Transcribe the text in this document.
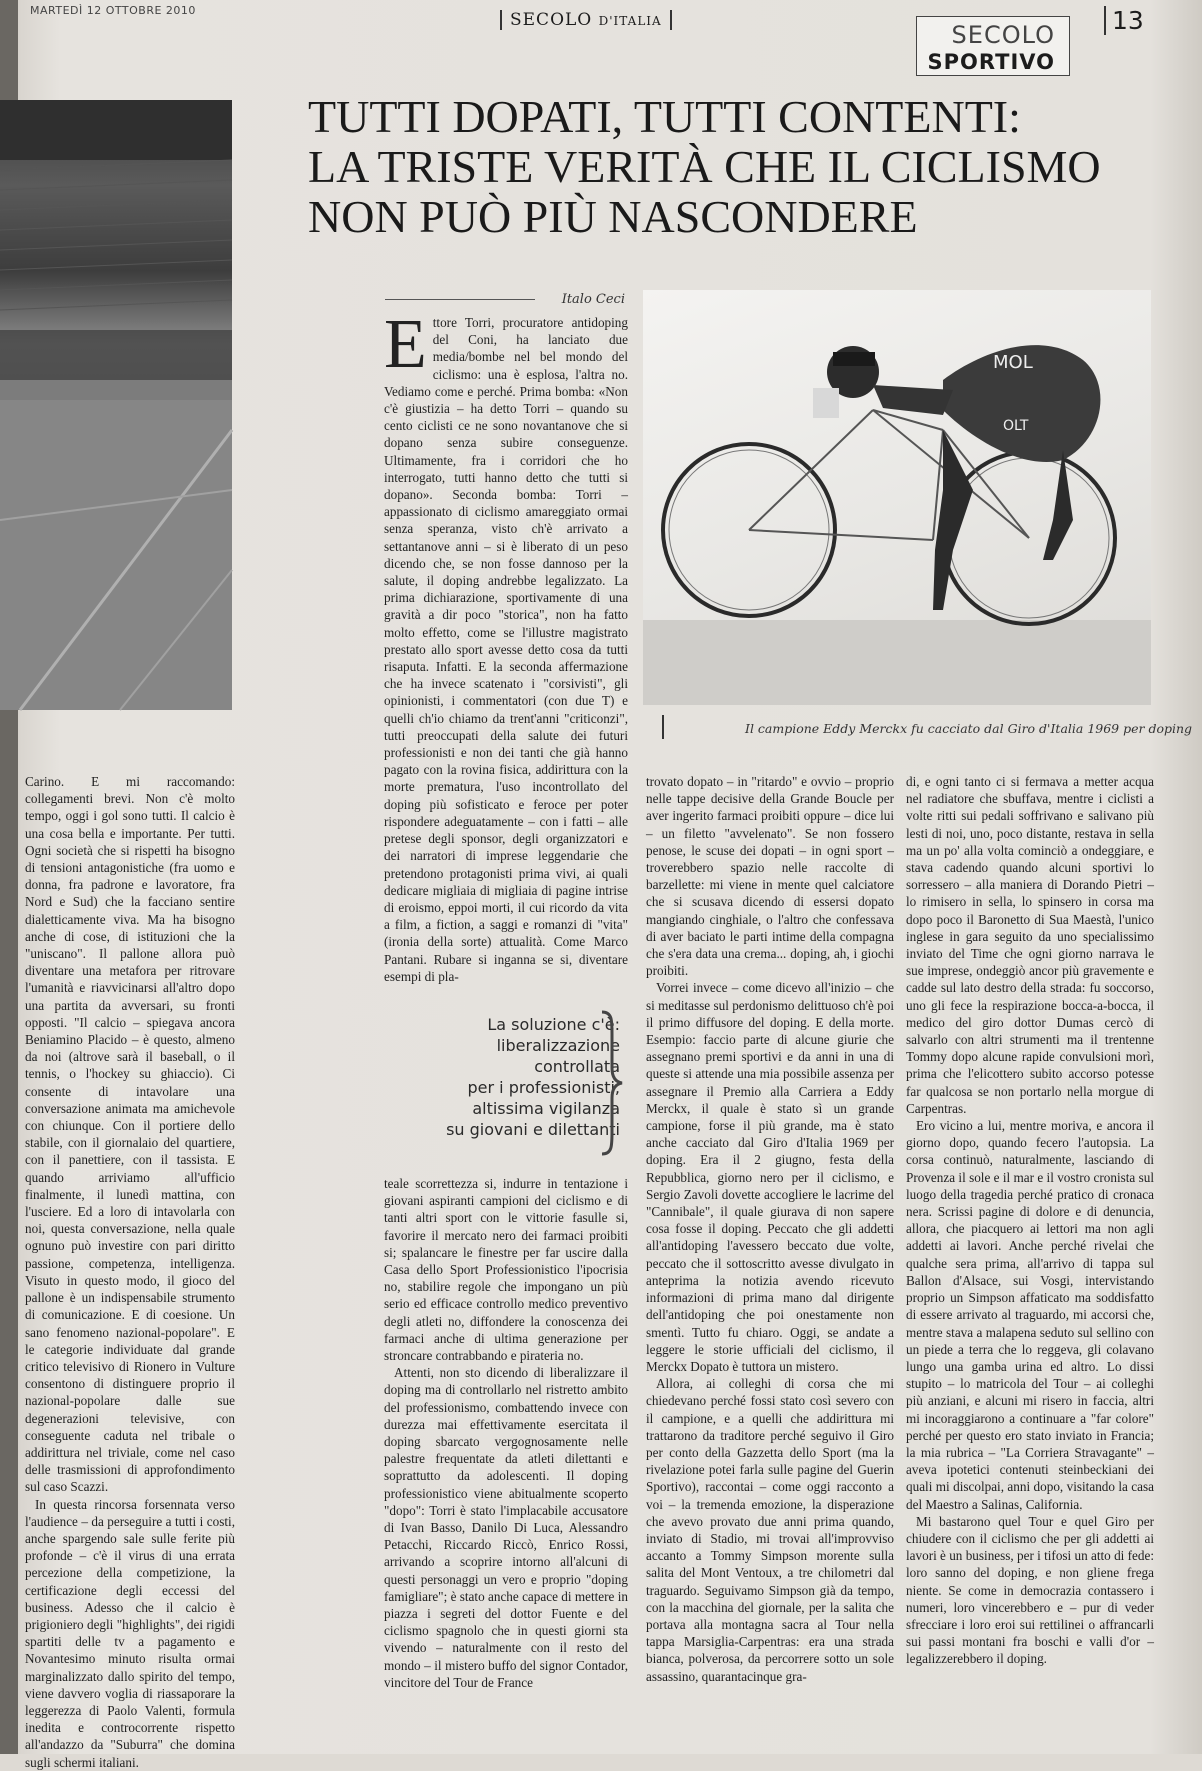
MARTEDÌ 12 OTTOBRE 2010	SECOLO D'ITALIA	SECOLO
SPORTIVO
13
TUTTI DOPATI, TUTTI CONTENTI:
LA TRISTE VERITÀ CHE IL CICLISMO
NON PUÒ PIÙ NASCONDERE
Italo Ceci
MOL
OLT
Il campione Eddy Merckx fu cacciato dal Giro d'Italia 1969 per doping

Carino. E mi raccomando: collegamenti brevi. Non c'è molto tempo, oggi i gol sono tutti. Il calcio è una cosa bella e importante. Per tutti. Ogni società che si rispetti ha bisogno di tensioni antagonistiche (fra uomo e donna, fra padrone e lavoratore, fra Nord e Sud) che la facciano sentire dialetticamente viva. Ma ha bisogno anche di cose, di istituzioni che la "uniscano". Il pallone allora può diventare una metafora per ritrovare l'umanità e riavvicinarsi all'altro dopo una partita da avversari, su fronti opposti. "Il calcio – spiegava ancora Beniamino Placido – è questo, almeno da noi (altrove sarà il baseball, o il tennis, o l'hockey su ghiaccio). Ci consente di intavolare una conversazione animata ma amichevole con chiunque. Con il portiere dello stabile, con il giornalaio del quartiere, con il panettiere, con il tassista. E quando arriviamo all'ufficio finalmente, il lunedì mattina, con l'usciere. Ed a loro di intavolarla con noi, questa conversazione, nella quale ognuno può investire con pari diritto passione, competenza, intelligenza. Visuto in questo modo, il gioco del pallone è un indispensabile strumento di comunicazione. E di coesione. Un sano fenomeno nazional-popolare". E le categorie individuate dal grande critico televisivo di Rionero in Vulture consentono di distinguere proprio il nazional-popolare dalle sue degenerazioni televisive, con conseguente caduta nel tribale o addirittura nel triviale, come nel caso delle trasmissioni di approfondimento sul caso Scazzi.

In questa rincorsa forsennata verso l'audience – da perseguire a tutti i costi, anche spargendo sale sulle ferite più profonde – c'è il virus di una errata percezione della competizione, la certificazione degli eccessi del business. Adesso che il calcio è prigioniero degli "highlights", dei rigidi spartiti delle tv a pagamento e Novantesimo minuto risulta ormai marginalizzato dallo spirito del tempo, viene davvero voglia di riassaporare la leggerezza di Paolo Valenti, formula inedita e controcorrente rispetto all'andazzo da "Suburra" che domina sugli schermi italiani.

E ttore Torri, procuratore antidoping del Coni, ha lanciato due media/bombe nel bel mondo del ciclismo: una è esplosa, l'altra no. Vediamo come e perché. Prima bomba: «Non c'è giustizia – ha detto Torri – quando su cento ciclisti ce ne sono novantanove che si dopano senza subire conseguenze. Ultimamente, fra i corridori che ho interrogato, tutti hanno detto che tutti si dopano». Seconda bomba: Torri – appassionato di ciclismo amareggiato ormai senza speranza, visto ch'è arrivato a settantanove anni – si è liberato di un peso dicendo che, se non fosse dannoso per la salute, il doping andrebbe legalizzato. La prima dichiarazione, sportivamente di una gravità a dir poco "storica", non ha fatto molto effetto, come se l'illustre magistrato prestato allo sport avesse detto cosa da tutti risaputa. Infatti. E la seconda affermazione che ha invece scatenato i "corsivisti", gli opinionisti, i commentatori (con due T) e quelli ch'io chiamo da trent'anni "criticonzi", tutti preoccupati della salute dei futuri professionisti e non dei tanti che già hanno pagato con la rovina fisica, addirittura con la morte prematura, l'uso incontrollato del doping più sofisticato e feroce per poter rispondere adeguatamente – con i fatti – alle pretese degli sponsor, degli organizzatori e dei narratori di imprese leggendarie che pretendono protagonisti prima vivi, ai quali dedicare migliaia di migliaia di pagine intrise di eroismo, eppoi morti, il cui ricordo da vita a film, a fiction, a saggi e romanzi di "vita" (ironia della sorte) attualità. Come Marco Pantani. Rubare si inganna se si, diventare esempi di pla-
La soluzione c'è:
liberalizzazione
controllata
per i professionisti,
altissima vigilanza
su giovani e dilettanti

teale scorrettezza si, indurre in tentazione i giovani aspiranti campioni del ciclismo e di tanti altri sport con le vittorie fasulle si, favorire il mercato nero dei farmaci proibiti si; spalancare le finestre per far uscire dalla Casa dello Sport Professionistico l'ipocrisia no, stabilire regole che impongano un più serio ed efficace controllo medico preventivo degli atleti no, diffondere la conoscenza dei farmaci anche di ultima generazione per stroncare contrabbando e pirateria no.

Attenti, non sto dicendo di liberalizzare il doping ma di controllarlo nel ristretto ambito del professionismo, combattendo invece con durezza mai effettivamente esercitata il doping sbarcato vergognosamente nelle palestre frequentate da atleti dilettanti e soprattutto da adolescenti. Il doping professionistico viene abitualmente scoperto "dopo": Torri è stato l'implacabile accusatore di Ivan Basso, Danilo Di Luca, Alessandro Petacchi, Riccardo Riccò, Enrico Rossi, arrivando a scoprire intorno all'alcuni di questi personaggi un vero e proprio "doping famigliare"; è stato anche capace di mettere in piazza i segreti del dottor Fuente e del ciclismo spagnolo che in questi giorni sta vivendo – naturalmente con il resto del mondo – il mistero buffo del signor Contador, vincitore del Tour de France

trovato dopato – in "ritardo" e ovvio – proprio nelle tappe decisive della Grande Boucle per aver ingerito farmaci proibiti oppure – dice lui – un filetto "avvelenato". Se non fossero penose, le scuse dei dopati – in ogni sport – troverebbero spazio nelle raccolte di barzellette: mi viene in mente quel calciatore che si scusava dicendo di essersi dopato mangiando cinghiale, o l'altro che confessava di aver baciato le parti intime della compagna che s'era data una crema... doping, ah, i giochi proibiti.

Vorrei invece – come dicevo all'inizio – che si meditasse sul perdonismo delittuoso ch'è poi il primo diffusore del doping. E della morte. Esempio: faccio parte di alcune giurie che assegnano premi sportivi e da anni in una di queste si attende una mia possibile assenza per assegnare il Premio alla Carriera a Eddy Merckx, il quale è stato sì un grande campione, forse il più grande, ma è stato anche cacciato dal Giro d'Italia 1969 per doping. Era il 2 giugno, festa della Repubblica, giorno nero per il ciclismo, e Sergio Zavoli dovette accogliere le lacrime del "Cannibale", il quale giurava di non sapere cosa fosse il doping. Peccato che gli addetti all'antidoping l'avessero beccato due volte, peccato che il sottoscritto avesse divulgato in anteprima la notizia avendo ricevuto informazioni di prima mano dal dirigente dell'antidoping che poi onestamente non smentì. Tutto fu chiaro. Oggi, se andate a leggere le storie ufficiali del ciclismo, il Merckx Dopato è tuttora un mistero.

Allora, ai colleghi di corsa che mi chiedevano perché fossi stato così severo con il campione, e a quelli che addirittura mi trattarono da traditore perché seguivo il Giro per conto della Gazzetta dello Sport (ma la rivelazione potei farla sulle pagine del Guerin Sportivo), raccontai – come oggi racconto a voi – la tremenda emozione, la disperazione che avevo provato due anni prima quando, inviato di Stadio, mi trovai all'improvviso accanto a Tommy Simpson morente sulla salita del Mont Ventoux, a tre chilometri dal traguardo. Seguivamo Simpson già da tempo, con la macchina del giornale, per la salita che portava alla montagna sacra al Tour nella tappa Marsiglia-Carpentras: era una strada bianca, polverosa, da percorrere sotto un sole assassino, quarantacinque gra-

di, e ogni tanto ci si fermava a metter acqua nel radiatore che sbuffava, mentre i ciclisti a volte ritti sui pedali soffrivano e salivano più lesti di noi, uno, poco distante, restava in sella ma un po' alla volta cominciò a ondeggiare, e stava cadendo quando alcuni sportivi lo sorressero – alla maniera di Dorando Pietri – lo rimisero in sella, lo spinsero in corsa ma dopo poco il Baronetto di Sua Maestà, l'unico inglese in gara seguito da uno specialissimo inviato del Time che ogni giorno narrava le sue imprese, ondeggiò ancor più gravemente e cadde sul lato destro della strada: fu soccorso, uno gli fece la respirazione bocca-a-bocca, il medico del giro dottor Dumas cercò di salvarlo con altri strumenti ma il trentenne Tommy dopo alcune rapide convulsioni morì, prima che l'elicottero subito accorso potesse far qualcosa se non portarlo nella morgue di Carpentras.

Ero vicino a lui, mentre moriva, e ancora il giorno dopo, quando fecero l'autopsia. La corsa continuò, naturalmente, lasciando di Provenza il sole e il mar e il vostro cronista sul luogo della tragedia perché pratico di cronaca nera. Scrissi pagine di dolore e di denuncia, allora, che piacquero ai lettori ma non agli addetti ai lavori. Anche perché rivelai che qualche sera prima, all'arrivo di tappa sul Ballon d'Alsace, sui Vosgi, intervistando proprio un Simpson affaticato ma soddisfatto di essere arrivato al traguardo, mi accorsi che, mentre stava a malapena seduto sul sellino con un piede a terra che lo reggeva, gli colavano lungo una gamba urina ed altro. Lo dissi stupito – lo matricola del Tour – ai colleghi più anziani, e alcuni mi risero in faccia, altri mi incoraggiarono a continuare a "far colore" perché per questo ero stato inviato in Francia; la mia rubrica – "La Corriera Stravagante" – aveva ipotetici contenuti steinbeckiani dei quali mi discolpai, anni dopo, visitando la casa del Maestro a Salinas, California.

Mi bastarono quel Tour e quel Giro per chiudere con il ciclismo che per gli addetti ai lavori è un business, per i tifosi un atto di fede: loro sanno del doping, e non gliene frega niente. Se come in democrazia contassero i numeri, loro vincerebbero e – pur di veder sfrecciare i loro eroi sui rettilinei o affrancarli sui passi montani fra boschi e valli d'or – legalizzerebbero il doping.
